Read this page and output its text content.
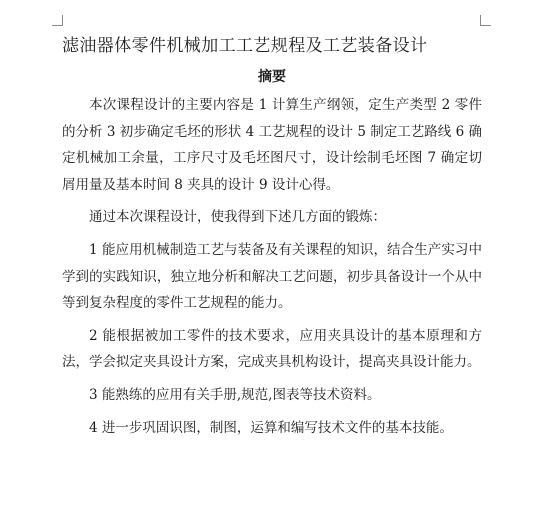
滤油器体零件机械加工工艺规程及工艺装备设计
摘要

本次课程设计的主要内容是 1 计算生产纲领，定生产类型 2 零件的分析 3 初步确定毛坯的形状 4 工艺规程的设计 5 制定工艺路线 6 确定机械加工余量，工序尺寸及毛坯图尺寸，设计绘制毛坯图 7 确定切屑用量及基本时间 8 夹具的设计 9 设计心得。

通过本次课程设计，使我得到下述几方面的锻炼：

1 能应用机械制造工艺与装备及有关课程的知识，结合生产实习中学到的实践知识，独立地分析和解决工艺问题，初步具备设计一个从中等到复杂程度的零件工艺规程的能力。

2 能根据被加工零件的技术要求，应用夹具设计的基本原理和方法，学会拟定夹具设计方案，完成夹具机构设计，提高夹具设计能力。

3 能熟练的应用有关手册,规范,图表等技术资料。

4 进一步巩固识图，制图，运算和编写技术文件的基本技能。
